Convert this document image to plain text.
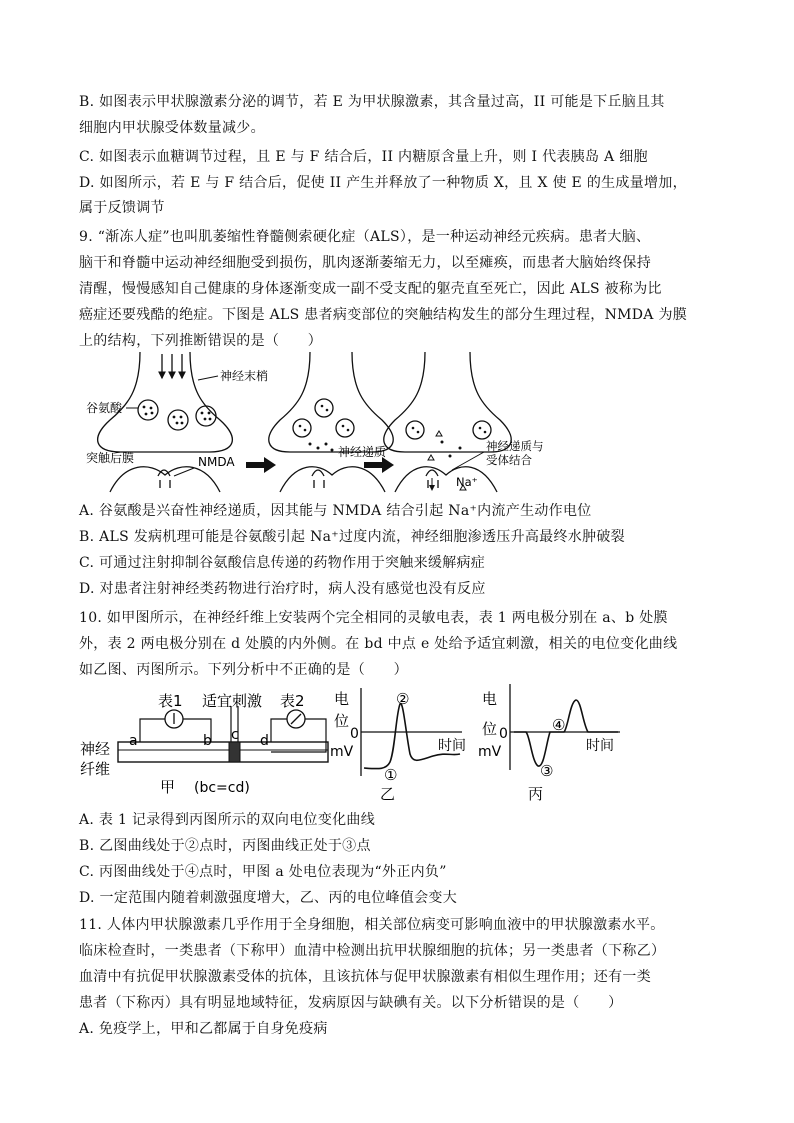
B. 如图表示甲状腺激素分泌的调节，若 E 为甲状腺激素，其含量过高，II 可能是下丘脑且其
细胞内甲状腺受体数量减少。
C. 如图表示血糖调节过程，且 E 与 F 结合后，II 内糖原含量上升，则 I 代表胰岛 A 细胞
D. 如图所示，若 E 与 F 结合后，促使 II 产生并释放了一种物质 X，且 X 使 E 的生成量增加，
属于反馈调节
9. “渐冻人症”也叫肌萎缩性脊髓侧索硬化症（ALS），是一种运动神经元疾病。患者大脑、
脑干和脊髓中运动神经细胞受到损伤，肌肉逐渐萎缩无力，以至瘫痪，而患者大脑始终保持
清醒，慢慢感知自己健康的身体逐渐变成一副不受支配的躯壳直至死亡，因此 ALS 被称为比
癌症还要残酷的绝症。下图是 ALS 患者病变部位的突触结构发生的部分生理过程，NMDA 为膜
上的结构，下列推断错误的是（　　）
A. 谷氨酸是兴奋性神经递质，因其能与 NMDA 结合引起 Na⁺内流产生动作电位
B. ALS 发病机理可能是谷氨酸引起 Na⁺过度内流，神经细胞渗透压升高最终水肿破裂
C. 可通过注射抑制谷氨酸信息传递的药物作用于突触来缓解病症
D. 对患者注射神经类药物进行治疗时，病人没有感觉也没有反应
10. 如甲图所示，在神经纤维上安装两个完全相同的灵敏电表，表 1 两电极分别在 a、b 处膜
外，表 2 两电极分别在 d 处膜的内外侧。在 bd 中点 e 处给予适宜刺激，相关的电位变化曲线
如乙图、丙图所示。下列分析中不正确的是（　　）
A. 表 1 记录得到丙图所示的双向电位变化曲线
B. 乙图曲线处于②点时，丙图曲线正处于③点
C. 丙图曲线处于④点时，甲图 a 处电位表现为“外正内负”
D. 一定范围内随着刺激强度增大，乙、丙的电位峰值会变大
11. 人体内甲状腺激素几乎作用于全身细胞，相关部位病变可影响血液中的甲状腺激素水平。
临床检查时，一类患者（下称甲）血清中检测出抗甲状腺细胞的抗体；另一类患者（下称乙）
血清中有抗促甲状腺激素受体的抗体，且该抗体与促甲状腺激素有相似生理作用；还有一类
患者（下称丙）具有明显地域特征，发病原因与缺碘有关。以下分析错误的是（　　）
A. 免疫学上，甲和乙都属于自身免疫病
神经末梢
谷氨酸
突触后膜	NMDA
神经递质	神经递质与
受体结合
Na⁺
表1 适宜刺激 表2
a	b c d
神经
纤维
甲 (bc=cd)
电
位
0
mV	时间
②
①
乙
电
位 0
mV	时间
④
③
丙
